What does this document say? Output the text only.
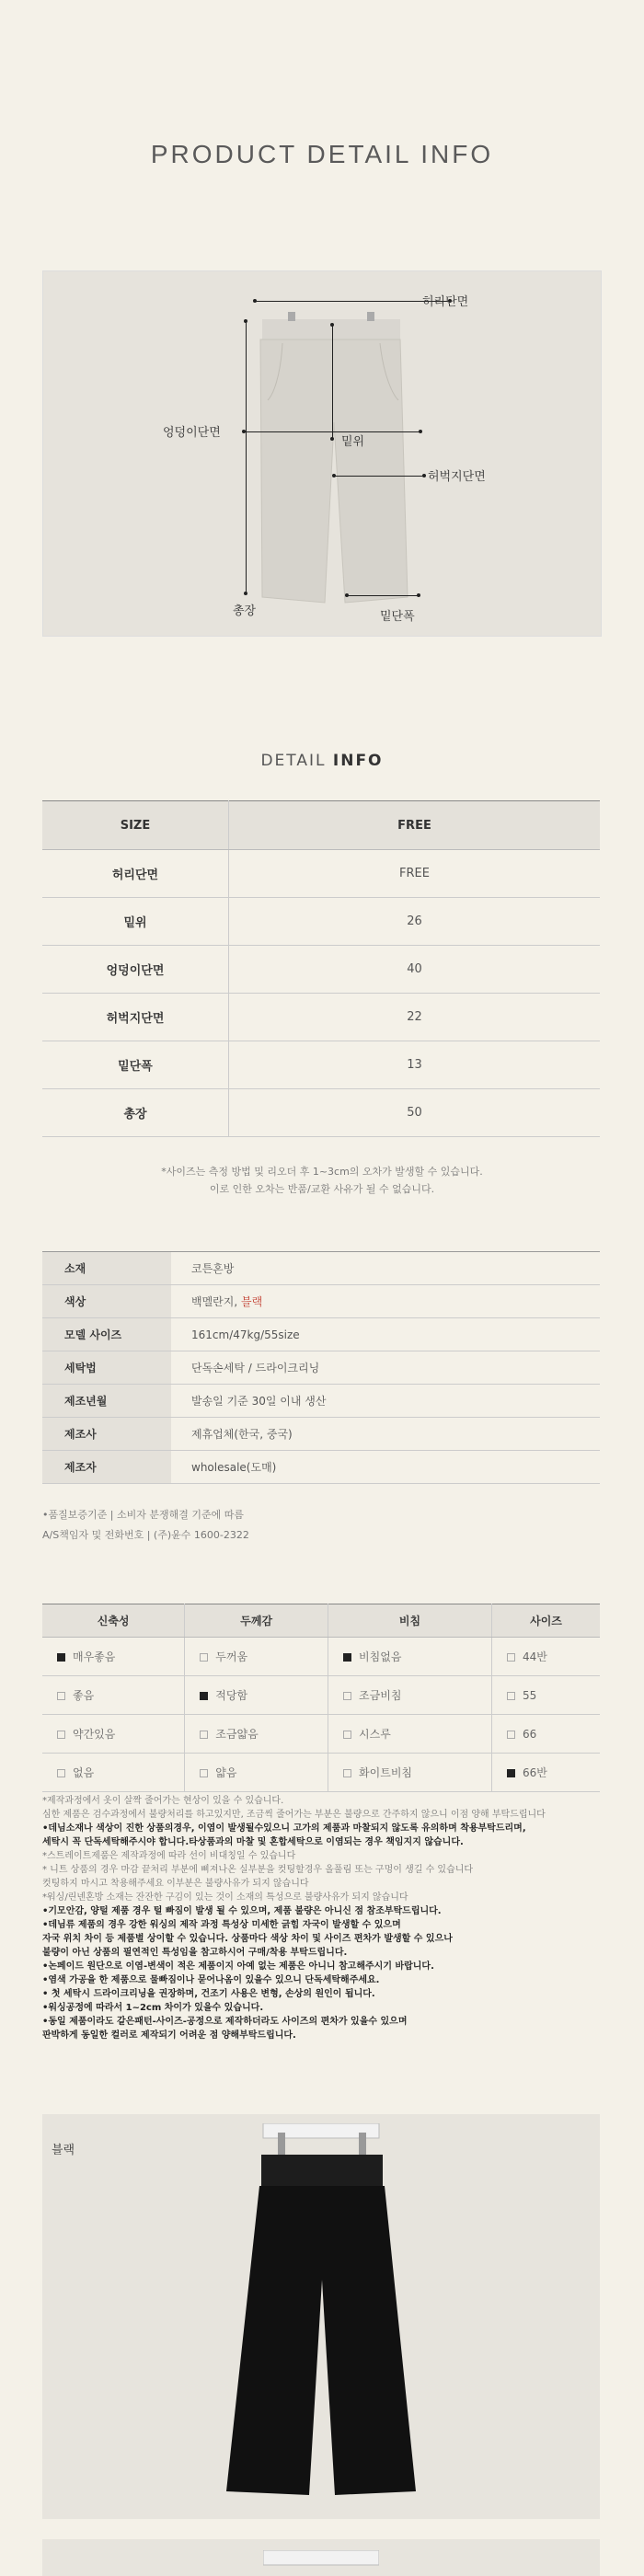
PRODUCT DETAIL INFO
허리단면
총장
엉덩이단면
밑위
허벅지단면
밑단폭
DETAIL INFO
SIZE	FREE
허리단면	FREE
밑위	26
엉덩이단면	40
허벅지단면	22
밑단폭	13
총장	50
*사이즈는 측정 방법 및 리오더 후 1~3cm의 오차가 발생할 수 있습니다.
이로 인한 오차는 반품/교환 사유가 될 수 없습니다.
소재	코튼혼방
색상	백멜란지, 블랙
모델 사이즈	161cm/47kg/55size
세탁법	단독손세탁 / 드라이크리닝
제조년월	발송일 기준 30일 이내 생산
제조사	제휴업체(한국, 중국)
제조자	wholesale(도매)
•품질보증기준 | 소비자 분쟁해결 기준에 따름
A/S책임자 및 전화번호 | (주)윤수 1600-2322
신축성	두께감	비침	사이즈
매우좋음	두꺼움	비침없음	44반
좋음	적당함	조금비침	55
약간있음	조금얇음	시스루	66
없음	얇음	화이트비침	66반
*제작과정에서 옷이 살짝 줄어가는 현상이 있을 수 있습니다.
심한 제품은 검수과정에서 불량처리를 하고있지만, 조금씩 줄어가는 부분은 불량으로 간주하지 않으니 이점 양해 부탁드립니다
•데님소재나 색상이 진한 상품의경우, 이염이 발생될수있으니 고가의 제품과 마찰되지 않도록 유의하며 착용부탁드리며,
세탁시 꼭 단독세탁해주시야 합니다.타상품과의 마찰 및 혼합세탁으로 이염되는 경우 책임지지 않습니다.
*스트레이트제품은 제작과정에 따라 선이 비대칭일 수 있습니다
* 니트 상품의 경우 마감 끝처리 부분에 삐져나온 실부분을 컷팅할경우 올풀림 또는 구멍이 생길 수 있습니다
컷팅하지 마시고 착용해주세요 이부분은 불량사유가 되지 않습니다
*워싱/린넨혼방 소재는 잔잔한 구김이 있는 것이 소재의 특성으로 불량사유가 되지 않습니다
•기모안감, 양털 제품 경우 털 빠짐이 발생 될 수 있으며, 제품 불량은 아니신 점 참조부탁드립니다.
•데님류 제품의 경우 강한 워싱의 제작 과정 특성상 미세한 긁힘 자국이 발생할 수 있으며
자국 위치 차이 등 제품별 상이할 수 있습니다. 상품마다 색상 차이 및 사이즈 편차가 발생할 수 있으나
불량이 아닌 상품의 필연적인 특성임을 참고하시어 구매/착용 부탁드립니다.
•논페이드 원단으로 이염-변색이 적은 제품이지 아예 없는 제품은 아니니 참고해주시기 바랍니다.
•염색 가공을 한 제품으로 물빠짐이나 묻어나옴이 있을수 있으니 단독세탁해주세요.
• 첫 세탁시 드라이크리닝을 권장하며, 건조기 사용은 변형, 손상의 원인이 됩니다.
•워싱공정에 따라서 1~2cm 차이가 있을수 있습니다.
•동일 제품이라도 같은패턴-사이즈-공정으로 제작하더라도 사이즈의 편차가 있을수 있으며
판박하게 동일한 컬러로 제작되기 어려운 점 양해부탁드립니다.
블랙
